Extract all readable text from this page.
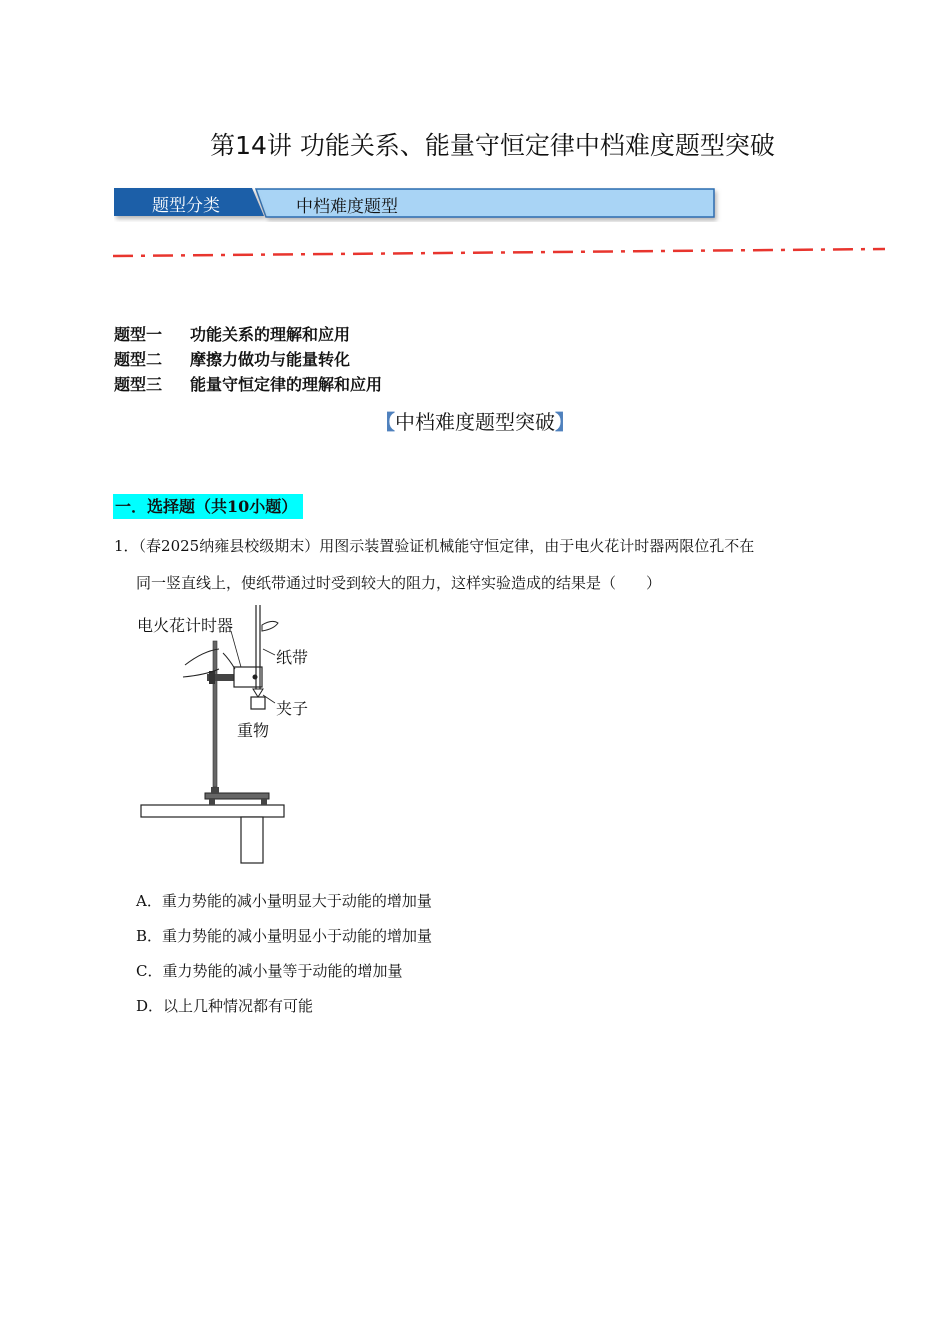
第14讲 功能关系、能量守恒定律中档难度题型突破
题型分类	中档难度题型
题型一 功能关系的理解和应用
题型二 摩擦力做功与能量转化
题型三 能量守恒定律的理解和应用
【中档难度题型突破】
一．选择题（共10小题）
1．（春2025纳雍县校级期末）用图示装置验证机械能守恒定律，由于电火花计时器两限位孔不在
同一竖直线上，使纸带通过时受到较大的阻力，这样实验造成的结果是（　　）
电火花计时器
纸带
夹子
重物
A．重力势能的减小量明显大于动能的增加量
B．重力势能的减小量明显小于动能的增加量
C．重力势能的减小量等于动能的增加量
D．以上几种情况都有可能
